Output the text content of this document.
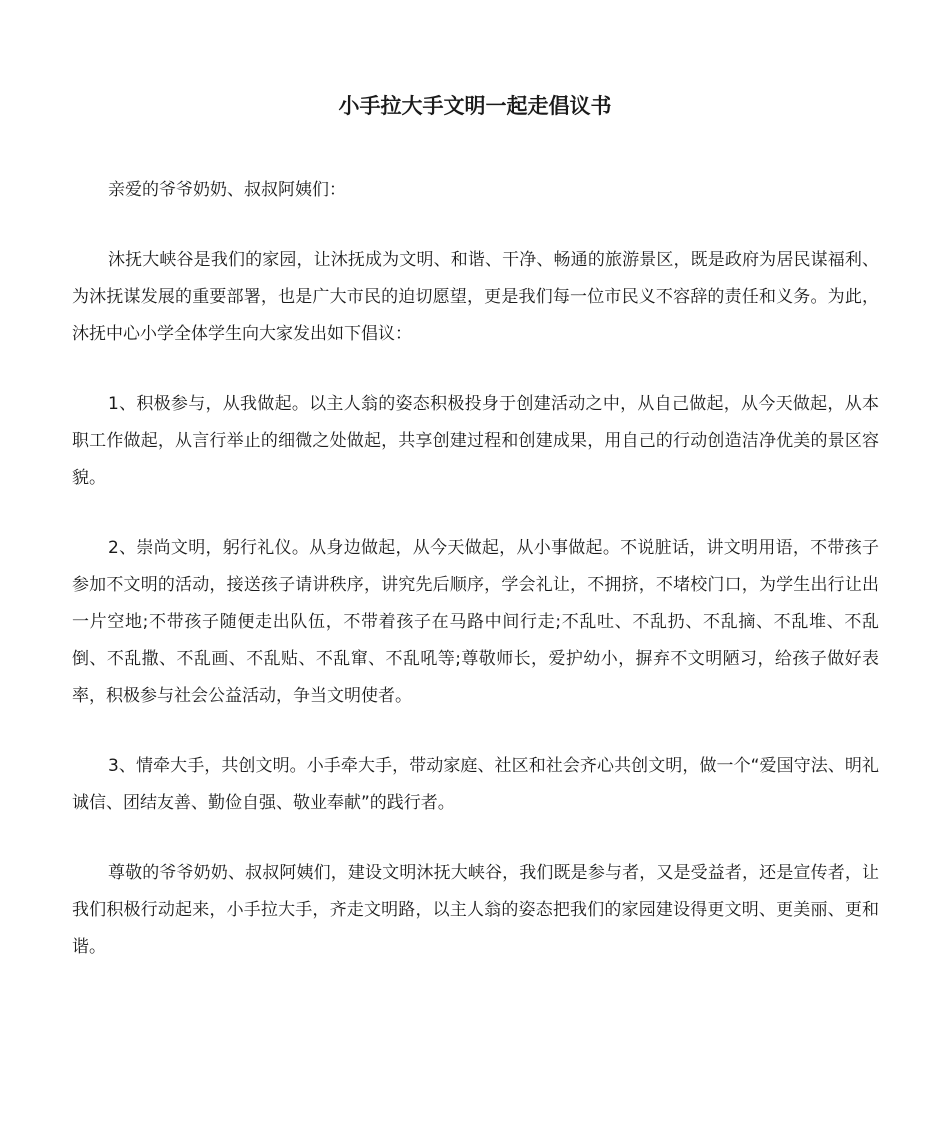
小手拉大手文明一起走倡议书

亲爱的爷爷奶奶、叔叔阿姨们：

沐抚大峡谷是我们的家园，让沐抚成为文明、和谐、干净、畅通的旅游景区，既是政府为居民谋福利、为沐抚谋发展的重要部署，也是广大市民的迫切愿望，更是我们每一位市民义不容辞的责任和义务。为此，沐抚中心小学全体学生向大家发出如下倡议：

1、积极参与，从我做起。以主人翁的姿态积极投身于创建活动之中，从自己做起，从今天做起，从本职工作做起，从言行举止的细微之处做起，共享创建过程和创建成果，用自己的行动创造洁净优美的景区容貌。

2、崇尚文明，躬行礼仪。从身边做起，从今天做起，从小事做起。不说脏话，讲文明用语，不带孩子参加不文明的活动，接送孩子请讲秩序，讲究先后顺序，学会礼让，不拥挤，不堵校门口，为学生出行让出一片空地;不带孩子随便走出队伍，不带着孩子在马路中间行走;不乱吐、不乱扔、不乱摘、不乱堆、不乱倒、不乱撒、不乱画、不乱贴、不乱窜、不乱吼等;尊敬师长，爱护幼小，摒弃不文明陋习，给孩子做好表率，积极参与社会公益活动，争当文明使者。

3、情牵大手，共创文明。小手牵大手，带动家庭、社区和社会齐心共创文明，做一个“爱国守法、明礼诚信、团结友善、勤俭自强、敬业奉献”的践行者。

尊敬的爷爷奶奶、叔叔阿姨们，建设文明沐抚大峡谷，我们既是参与者，又是受益者，还是宣传者，让我们积极行动起来，小手拉大手，齐走文明路，以主人翁的姿态把我们的家园建设得更文明、更美丽、更和谐。
